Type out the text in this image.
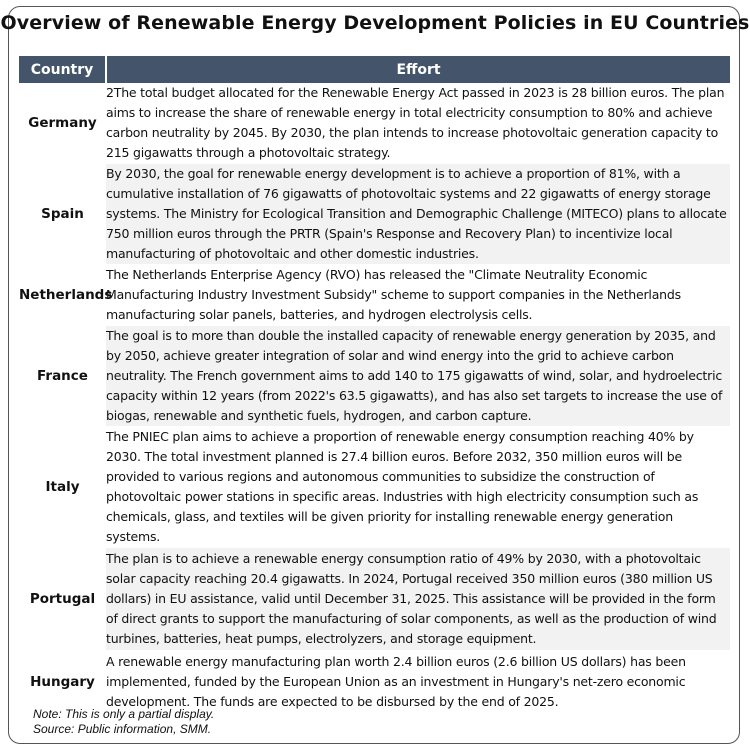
Overview of Renewable Energy Development Policies in EU Countries
Country	Effort
Germany	2The total budget allocated for the Renewable Energy Act passed in 2023 is 28 billion euros. The plan aims to increase the share of renewable energy in total electricity consumption to 80% and achieve carbon neutrality by 2045. By 2030, the plan intends to increase photovoltaic generation capacity to 215 gigawatts through a photovoltaic strategy.
Spain	By 2030, the goal for renewable energy development is to achieve a proportion of 81%, with a cumulative installation of 76 gigawatts of photovoltaic systems and 22 gigawatts of energy storage systems. The Ministry for Ecological Transition and Demographic Challenge (MITECO) plans to allocate 750 million euros through the PRTR (Spain's Response and Recovery Plan) to incentivize local manufacturing of photovoltaic and other domestic industries.
Netherlands	The Netherlands Enterprise Agency (RVO) has released the "Climate Neutrality Economic Manufacturing Industry Investment Subsidy" scheme to support companies in the Netherlands manufacturing solar panels, batteries, and hydrogen electrolysis cells.
France	The goal is to more than double the installed capacity of renewable energy generation by 2035, and by 2050, achieve greater integration of solar and wind energy into the grid to achieve carbon neutrality. The French government aims to add 140 to 175 gigawatts of wind, solar, and hydroelectric capacity within 12 years (from 2022's 63.5 gigawatts), and has also set targets to increase the use of biogas, renewable and synthetic fuels, hydrogen, and carbon capture.
Italy	The PNIEC plan aims to achieve a proportion of renewable energy consumption reaching 40% by 2030. The total investment planned is 27.4 billion euros. Before 2032, 350 million euros will be provided to various regions and autonomous communities to subsidize the construction of photovoltaic power stations in specific areas. Industries with high electricity consumption such as chemicals, glass, and textiles will be given priority for installing renewable energy generation systems.
Portugal	The plan is to achieve a renewable energy consumption ratio of 49% by 2030, with a photovoltaic solar capacity reaching 20.4 gigawatts. In 2024, Portugal received 350 million euros (380 million US dollars) in EU assistance, valid until December 31, 2025. This assistance will be provided in the form of direct grants to support the manufacturing of solar components, as well as the production of wind turbines, batteries, heat pumps, electrolyzers, and storage equipment.
Hungary	A renewable energy manufacturing plan worth 2.4 billion euros (2.6 billion US dollars) has been implemented, funded by the European Union as an investment in Hungary's net-zero economic development. The funds are expected to be disbursed by the end of 2025.
Note: This is only a partial display.
Source: Public information, SMM.
